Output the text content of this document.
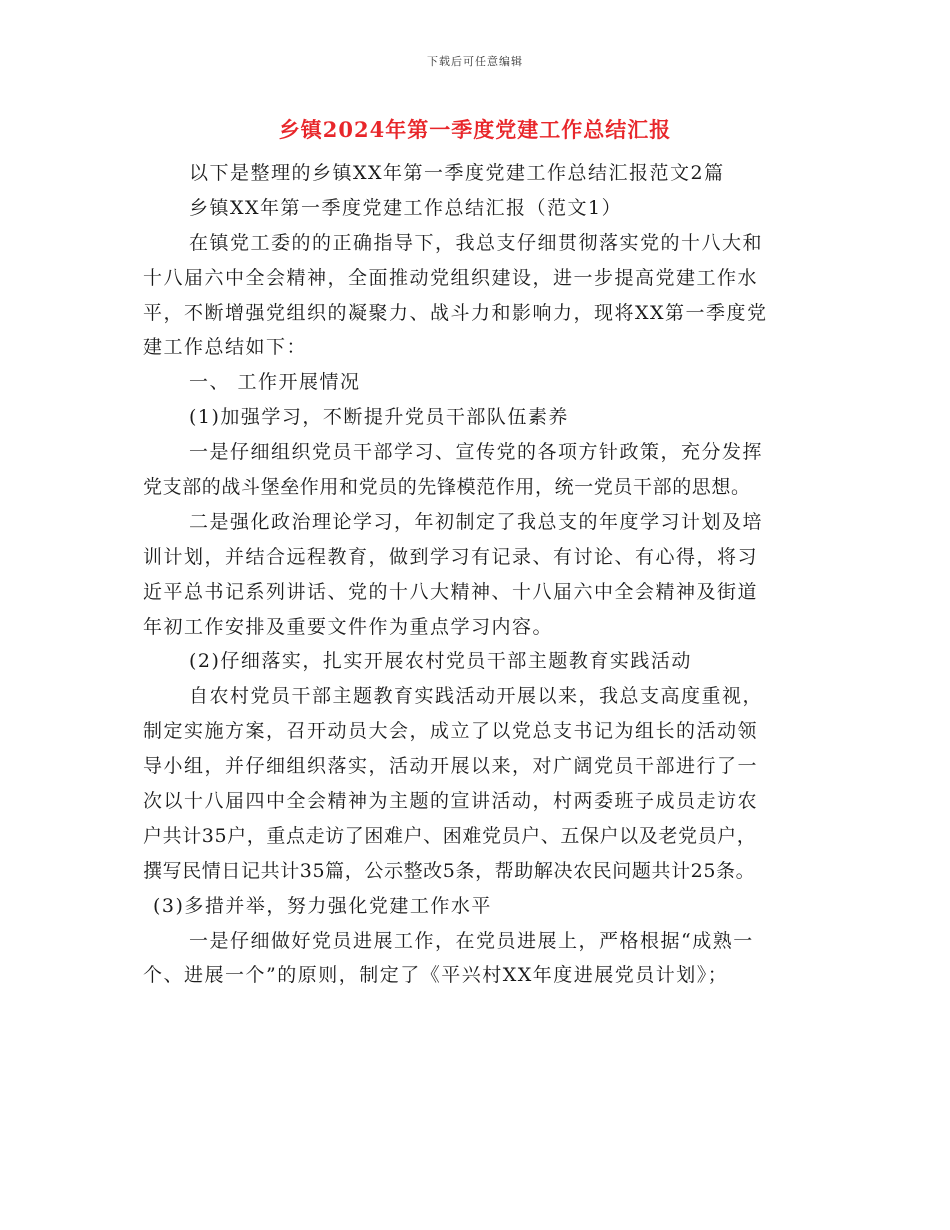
下载后可任意编辑
乡镇2024年第一季度党建工作总结汇报
以下是整理的乡镇XX年第一季度党建工作总结汇报范文2篇
乡镇XX年第一季度党建工作总结汇报（范文1）
在镇党工委的的正确指导下，我总支仔细贯彻落实党的十八大和
十八届六中全会精神，全面推动党组织建设，进一步提高党建工作水
平，不断增强党组织的凝聚力、战斗力和影响力，现将XX第一季度党
建工作总结如下：
一、 工作开展情况
(1)加强学习，不断提升党员干部队伍素养
一是仔细组织党员干部学习、宣传党的各项方针政策，充分发挥
党支部的战斗堡垒作用和党员的先锋模范作用，统一党员干部的思想。
二是强化政治理论学习，年初制定了我总支的年度学习计划及培
训计划，并结合远程教育，做到学习有记录、有讨论、有心得，将习
近平总书记系列讲话、党的十八大精神、十八届六中全会精神及街道
年初工作安排及重要文件作为重点学习内容。
(2)仔细落实，扎实开展农村党员干部主题教育实践活动
自农村党员干部主题教育实践活动开展以来，我总支高度重视，
制定实施方案，召开动员大会，成立了以党总支书记为组长的活动领
导小组，并仔细组织落实，活动开展以来，对广阔党员干部进行了一
次以十八届四中全会精神为主题的宣讲活动，村两委班子成员走访农
户共计35户，重点走访了困难户、困难党员户、五保户以及老党员户，
撰写民情日记共计35篇，公示整改5条，帮助解决农民问题共计25条。
(3)多措并举，努力强化党建工作水平
一是仔细做好党员进展工作，在党员进展上，严格根据“成熟一
个、进展一个”的原则，制定了《平兴村XX年度进展党员计划》；
